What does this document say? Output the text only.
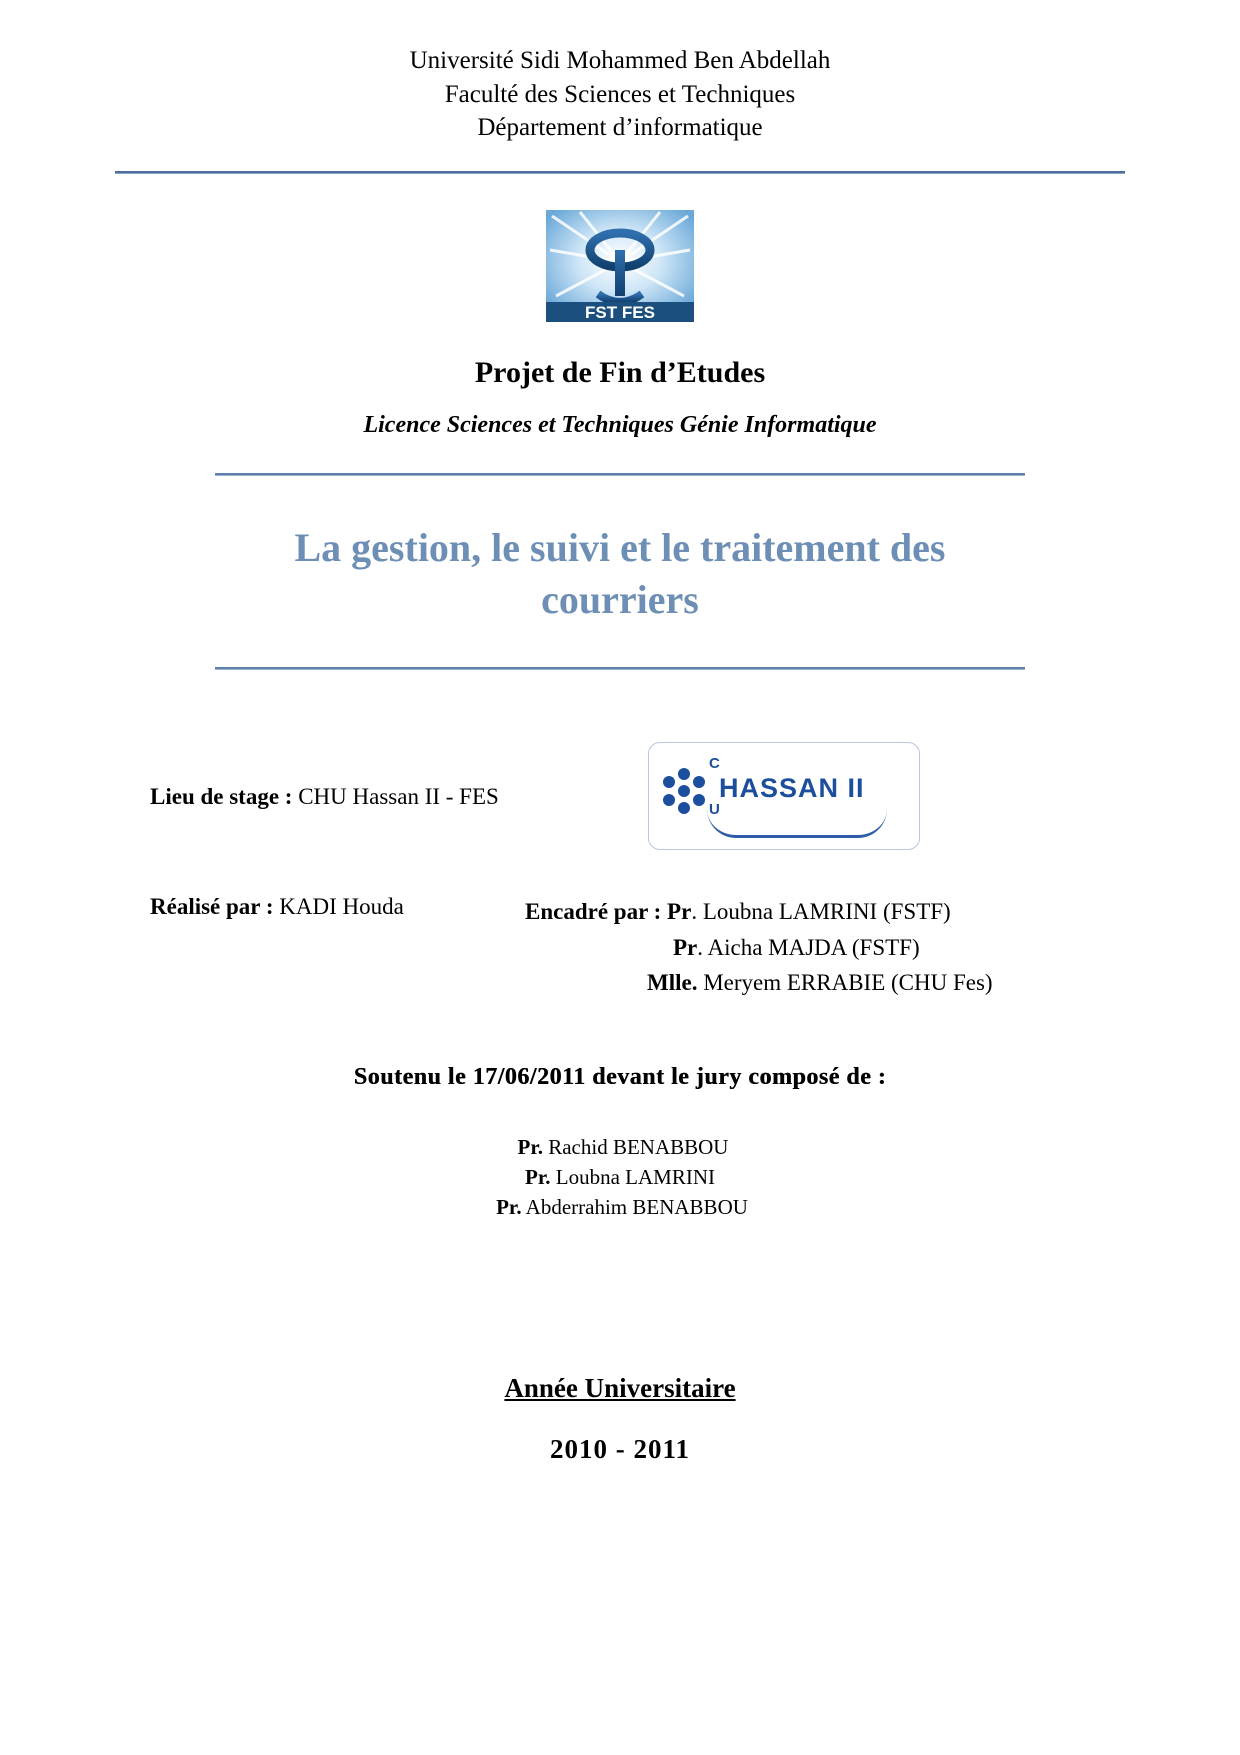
Université Sidi Mohammed Ben Abdellah
Faculté des Sciences et Techniques
Département d’informatique
FST FES
Projet de Fin d’Etudes
Licence Sciences et Techniques Génie Informatique
La gestion, le suivi et le traitement des courriers
Lieu de stage : CHU Hassan II - FES
C
U
HASSAN II
Réalisé par : KADI Houda	Encadré par : Pr. Loubna LAMRINI (FSTF)
Pr. Aicha MAJDA (FSTF)
Mlle. Meryem ERRABIE (CHU Fes)
Soutenu le 17/06/2011 devant le jury composé de :
Pr. Rachid BENABBOU
Pr. Loubna LAMRINI
Pr. Abderrahim BENABBOU
Année Universitaire
2010 - 2011
